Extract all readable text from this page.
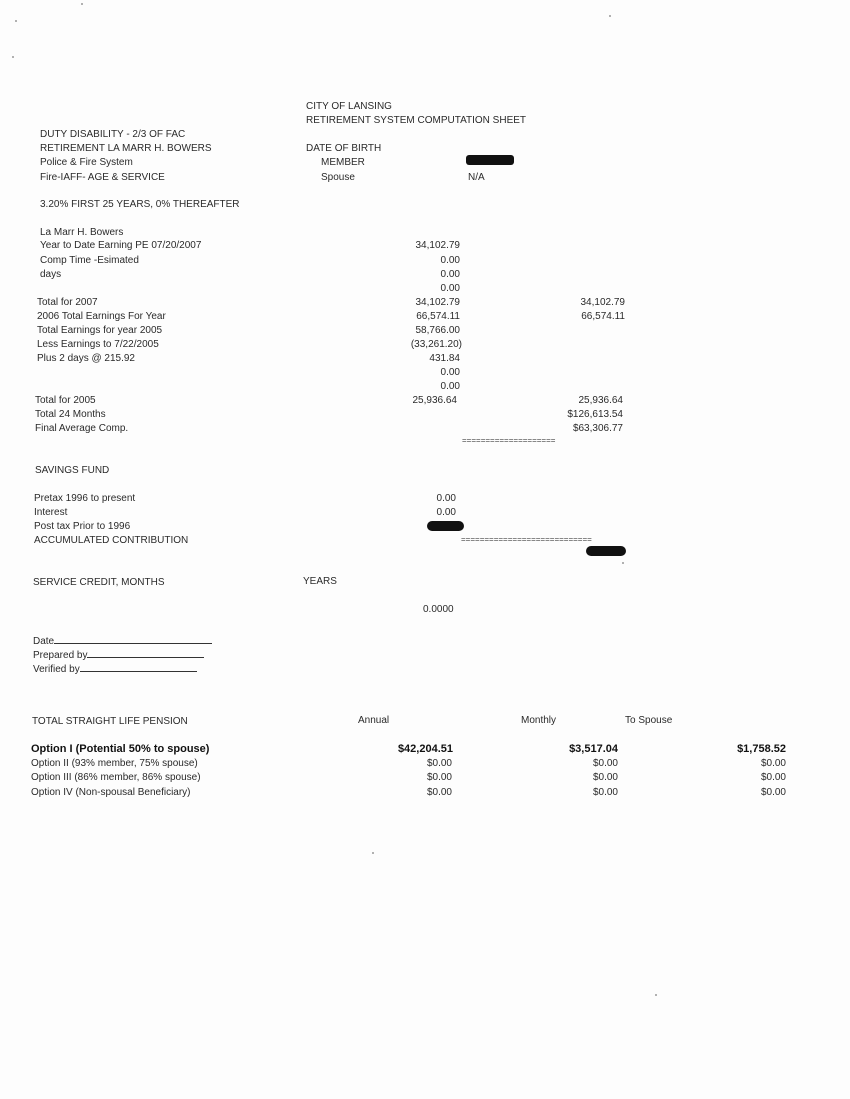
CITY OF LANSING
RETIREMENT SYSTEM COMPUTATION SHEET
DUTY DISABILITY - 2/3 OF FAC
RETIREMENT LA MARR H. BOWERS
Police & Fire System
Fire-IAFF- AGE & SERVICE
DATE OF BIRTH
MEMBER
Spouse	N/A
3.20% FIRST 25 YEARS, 0% THEREAFTER
La Marr H. Bowers
Year to Date Earning PE 07/20/2007	34,102.79
Comp Time -Esimated	0.00
days	0.00
0.00
Total for 2007	34,102.79	34,102.79
2006 Total Earnings For Year	66,574.11	66,574.11
Total Earnings for year 2005	58,766.00
Less Earnings to 7/22/2005	(33,261.20)
Plus 2 days @ 215.92	431.84
0.00
0.00
Total for 2005	25,936.64	25,936.64
Total 24 Months	$126,613.54
Final Average Comp.	$63,306.77
====================
SAVINGS FUND
Pretax 1996 to present	0.00
Interest	0.00
Post tax Prior to 1996
ACCUMULATED CONTRIBUTION	============================
SERVICE CREDIT, MONTHS	YEARS
0.0000
Date
Prepared by
Verified by
TOTAL STRAIGHT LIFE PENSION	Annual	Monthly	To Spouse
Option I (Potential 50% to spouse)	$42,204.51	$3,517.04	$1,758.52
Option II (93% member, 75% spouse)	$0.00	$0.00	$0.00
Option III (86% member, 86% spouse)	$0.00	$0.00	$0.00
Option IV (Non-spousal Beneficiary)	$0.00	$0.00	$0.00
